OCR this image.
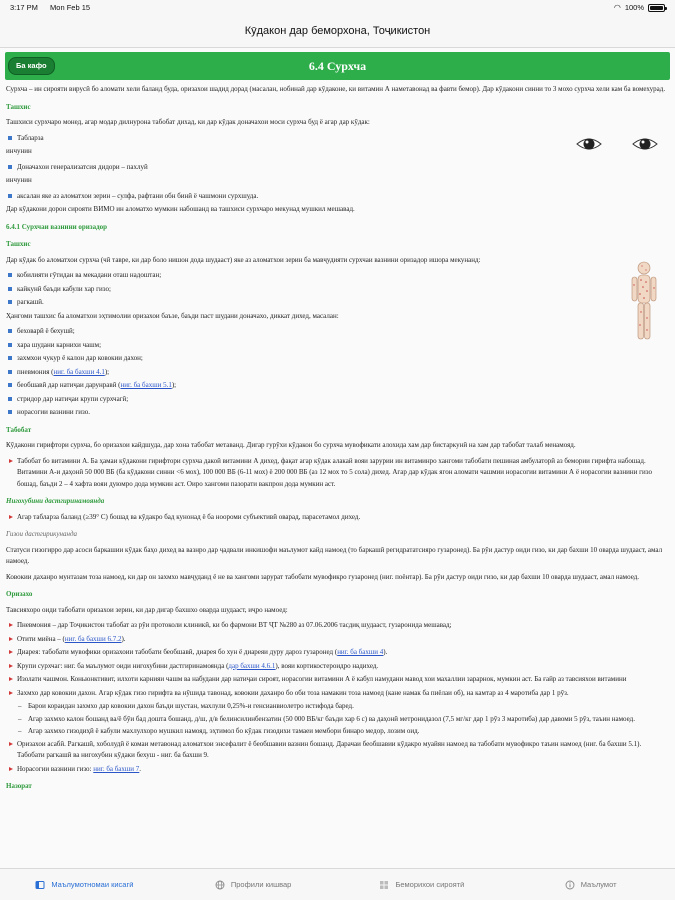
3:17 PM Mon Feb 15	◠ 100%
Кӯдакон дар беморхона, Тоҷикистон
Ба кафо	6.4 Сурхча

Сурхча – ин сирояти вирусӣ бо аломати хели баланд буда, оризахои шадид дорад (масалан, нобинаӣ дар кӯдаконе, ки витамин А наметавонад ва фавти бемор). Дар кӯдакони синни то 3 мохо сурхча хели кам ба вомехурад.

Ташхис

Ташхиси сурхчаро монед, агар модар дилнурона табобат дихад, ки дар кӯдак доначахои моси сурхча буд ё агар дар кӯдак:

Табларза

инчунин

Доначахои генерализатсия дидори – пахлуӣ

инчунин

аксалан яке аз аломатхои зерин – сулфа, рафтани обн бинӣ ё чашмони сурхшуда.

Дар кӯдакони дорои сирояти ВИМО ин аломатхо мумкин набошанд ва ташхиси сурхчаро мекунад мушкил мешавад.

6.4.1 Сурхчаи вазнини оризадор
Ташхис

Дар кӯдак бо аломатхои сурхча (чӣ тавре, ки дар боло нишон дода шудааст) яке аз аломатхои зерин ба мавҷудияти сурхчаи вазнини оризадор ишора мекунанд:

кобилияти ғӯтидан ва мекадани оташ надоштан;
кайкунӣ баъди кабули хар гизо;
рагкашӣ.

Ҳангоми ташхис ба аломатхои эҳтимолии оризахои баъзе, баъди паст шудани доначахо, диккат дихед, масалан:

беховарӣ ё бехушӣ;
хара шудани карнихи чашм;
захмхои чукур ё калон дар ковокии дахон;
пневмония (ниг. ба бахши 4.1);
беобшавӣ дар натиҷаи дарунравӣ (ниг. ба бахши 5.1);
стридор дар натиҷаи крупи сурхчагӣ;
норасогии вазнини гизо.
Табобат

Кӯдакони гирифтори сурхча, бо оризахои кайдшуда, дар хона табобат метаванд. Дигар гурӯхи кӯдакон бо сурхча мувофикати алохида хам дар бистаркунӣ на хам дар табобат талаб менамояд.

Табобат бо витамини А. Ба ҳамаи кӯдакони гирифтори сурхча дакоӣ витамини А дихед, фақат агар кӯдак алакай вояи зарурии ин витаминро хангоми табобати пешиная амбулаторӣ аз бемории гирифта набошад. Витамини А-и даҳонӣ 50 000 ВБ (ба кӯдакони синни <6 мох), 100 000 ВБ (6-11 мох) ё 200 000 ВБ (аз 12 мох то 5 сола) дихед. Агар дар кӯдак ягон аломати чашмии норасогии витамини А ё норасогии вазнини гизо бошад, баъди 2 – 4 хафта вояи дуюмро дода мумкин аст. Оиро хангоми пазорати вакпрон дода мумкин аст.
Нигохубини дастгиринамоянда
Агар табларза баланд (≥39° С) бошад ва кӯдакро бад кунонад ё ба ноороми субъективӣ оварад, парасетамол дихед.
Гизои дастгирикунанда

Статуси гизогирро дар асоси баркашии кӯдак баҳо дихед ва вазнро дар ҷадвали инкишофи маълумот кайд намоед (то баркашӣ регидрататсияро гузаронед). Ба рӯи дастур оиди гизо, ки дар бахши 10 оварда шудааст, амал намоед.

Ковокии даханро мунтазам тоза намоед, ки дар он захмхо мавҷуданд ё не ва хангоми зарурат табобати мувофикро гузаронед (ниг. поёнтар). Ба рӯи дастур оиди гизо, ки дар бахши 10 оварда шудааст, амал намоед.

Оризахо

Тавсияхоро оиди табобати оризахои зерин, ки дар дигар бахшхо оварда шудааст, иҷро намоед:

Пневмония – дар Тоҷикистон табобат аз рӯи протоколи клиникӣ, ки бо фармони ВТ ҶТ №280 аз 07.06.2006 тасдиқ шудааст, гузаронида мешавад;
Отити миёна – (ниг. ба бахши 6.7.2).
Диарея: табобати мувофики оризахоии табобати беобшавӣ, диарея бо хун ё диареяи дуру дароз гузаронед (ниг. ба бахши 4).
Крупи сурхчаг: ниг. ба маълумот оиди нигохубини дастгиринамоянда (дар бахши 4.6.1), вояи кортикостероидро надихед.
Изолати чашмон. Коньюнктивит, илхоти карнияи чашм ва набудани дар натиҷаи сироят, норасогии витамини А ё кабул намудани мавод хои махаллии зарарнок, мумкин аст. Ба ғайр аз тавсияхои витамини
Захмхо дар ковокии дахон. Агар кӯдак гизо гирифта ва нӯшида тавонад, ковокии даханро бо оби тоза намакин тоза намоед (кане намак ба пиёлаи об), на камтар аз 4 маротиба дар 1 рӯз.
– Барои кораидан захмхо дар ковокии дахон баъди шустан, махлули 0,25%-и генсианвиолетро истифода баред.
– Агар захмхо калон бошанд ва/ё бӯи бад дошта бошанд, д/ш, д/в белинсилинбензатин (50 000 ВБ/кг баъди хар 6 с) ва даҳонӣ метронидазол (7,5 мг/кг дар 1 рӯз 3 маротиба) дар давоми 5 рӯз, таъин намоед.
– Агар захмхо гизодиҳӣ ё кабули махлулхоро мушкил намояд, эҳтимол бо кӯдак гизодихи тамаеи мембори бинаро медор, лозим оид.
Оризахои асабӣ. Рагкашӣ, хоболудӣ ё комаи метавонад аломатхои энсефалит ё беобшавии вазнин бошанд. Дарачаи беобшавии кӯдакро муайян намоед ва табобати мувофикро таъин намоед (ниг. ба бахши 5.1). Табобати рагкашӣ ва нигохубин кӯдаки бехуш - ниг. ба бахши 9.
Норасогии вазнини гизо: ниг. ба бахши 7.
Назорат
Маълумотномаи кисагӣ	Профили кишвар	Беморихои сироятӣ	Маълумот
